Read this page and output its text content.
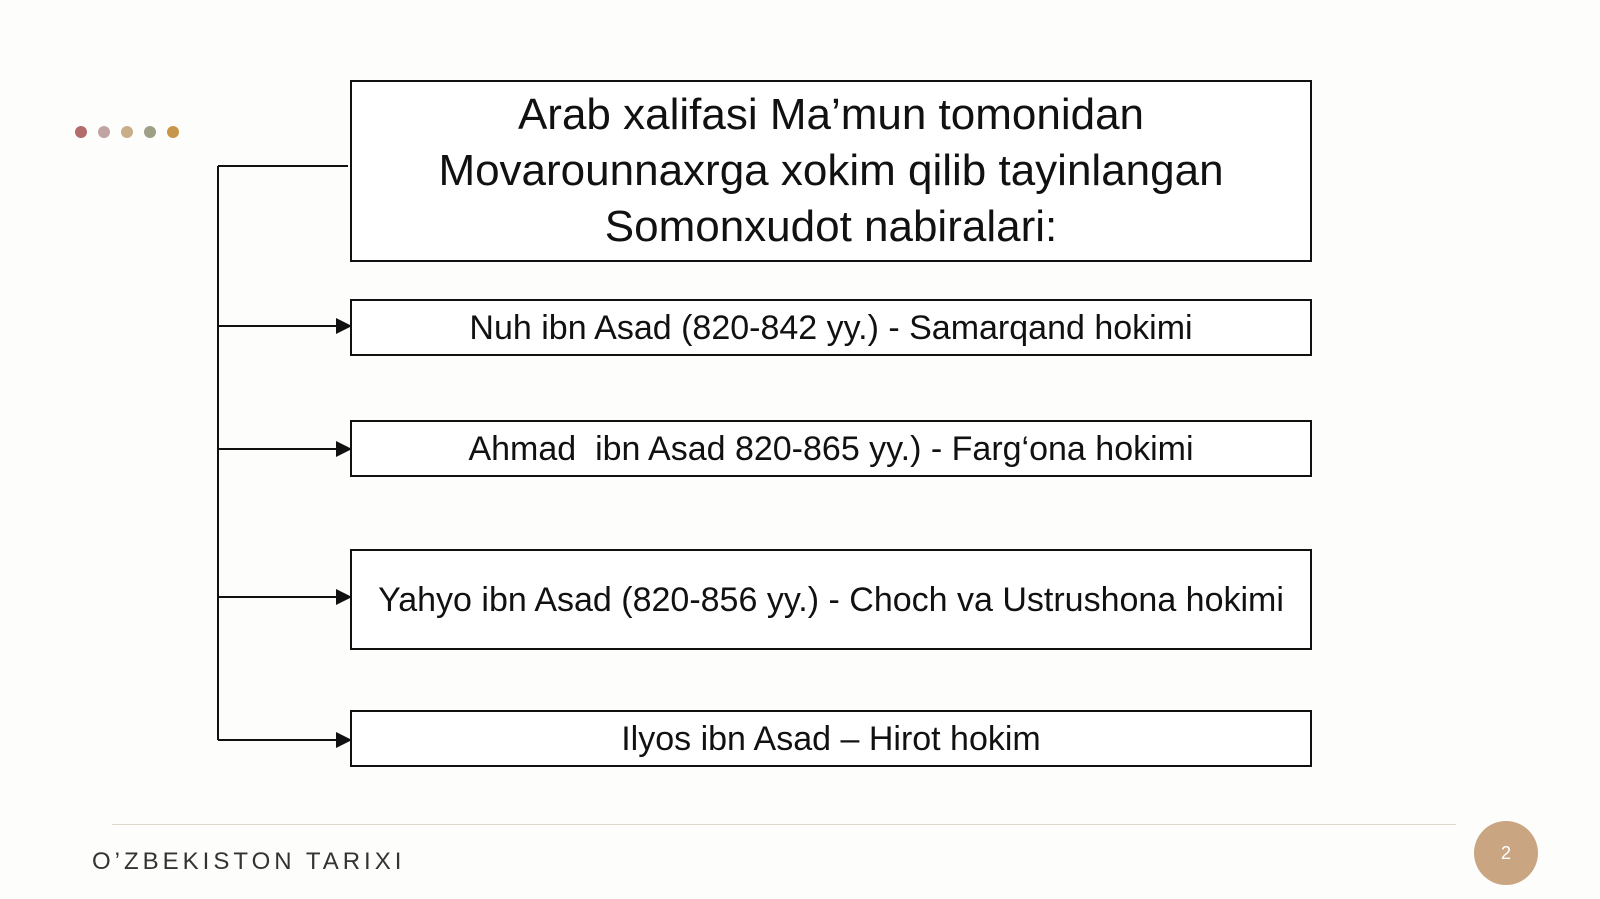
Arab xalifasi Ma’mun tomonidan Movarounnaxrga xokim qilib tayinlangan Somonxudot nabiralari:
Nuh ibn Asad (820-842 yy.) - Samarqand hokimi
Ahmad  ibn Asad 820-865 yy.) - Farg‘ona hokimi
Yahyo ibn Asad (820-856 yy.) - Choch va Ustrushona hokimi
Ilyos ibn Asad – Hirot hokim
O’ZBEKISTON TARIXI	2
